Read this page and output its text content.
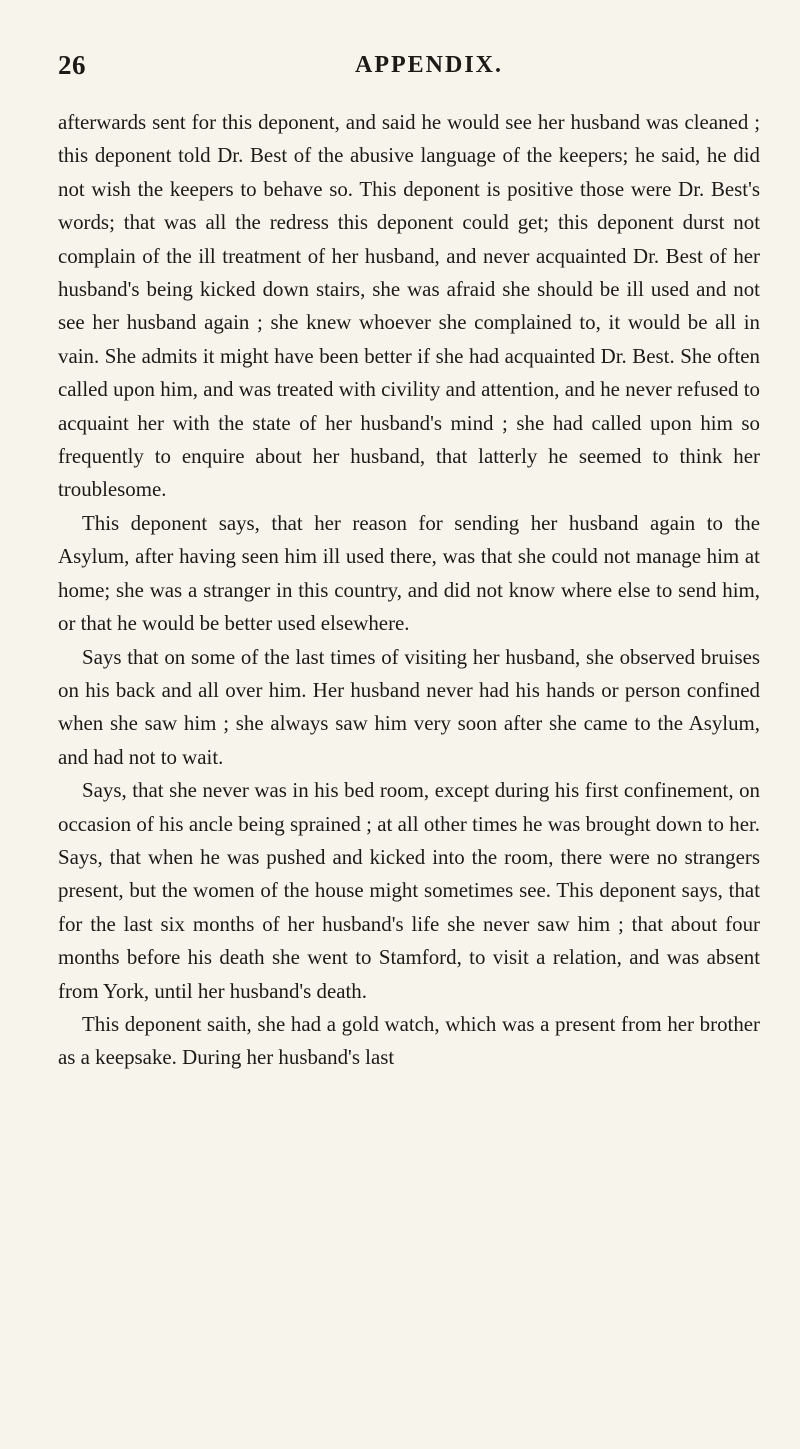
26	APPENDIX.

afterwards sent for this deponent, and said he would see her husband was cleaned ; this deponent told Dr. Best of the abusive language of the keepers; he said, he did not wish the keepers to behave so. This deponent is positive those were Dr. Best's words; that was all the redress this deponent could get; this deponent durst not complain of the ill treatment of her husband, and never acquainted Dr. Best of her husband's being kicked down stairs, she was afraid she should be ill used and not see her husband again ; she knew whoever she complained to, it would be all in vain. She admits it might have been better if she had acquainted Dr. Best. She often called upon him, and was treated with civility and attention, and he never refused to acquaint her with the state of her husband's mind ; she had called upon him so frequently to enquire about her husband, that latterly he seemed to think her troublesome.

This deponent says, that her reason for sending her husband again to the Asylum, after having seen him ill used there, was that she could not manage him at home; she was a stranger in this country, and did not know where else to send him, or that he would be better used elsewhere.

Says that on some of the last times of visiting her husband, she observed bruises on his back and all over him. Her husband never had his hands or person confined when she saw him ; she always saw him very soon after she came to the Asylum, and had not to wait.

Says, that she never was in his bed room, except during his first confinement, on occasion of his ancle being sprained ; at all other times he was brought down to her. Says, that when he was pushed and kicked into the room, there were no strangers present, but the women of the house might sometimes see. This deponent says, that for the last six months of her husband's life she never saw him ; that about four months before his death she went to Stamford, to visit a relation, and was absent from York, until her husband's death.

This deponent saith, she had a gold watch, which was a present from her brother as a keepsake. During her husband's last
